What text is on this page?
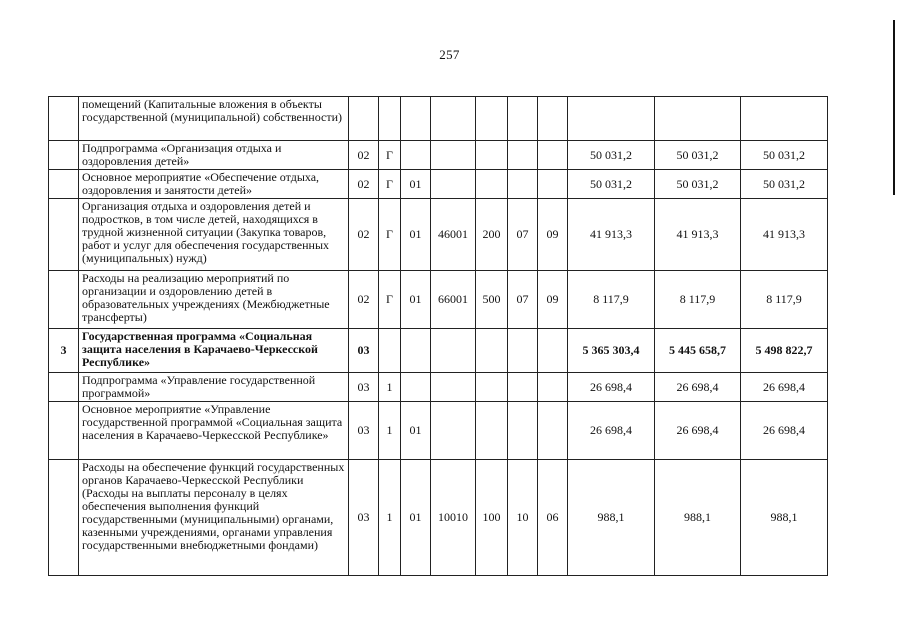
257
	помещений (Капитальные вложения в объекты государственной (муниципальной) собственности)										
	Подпрограмма «Организация отдыха и оздоровления детей»	02	Г						50 031,2	50 031,2	50 031,2
	Основное мероприятие «Обеспечение отдыха, оздоровления и занятости детей»	02	Г	01					50 031,2	50 031,2	50 031,2
	Организация отдыха и оздоровления детей и подростков, в том числе детей, находящихся в трудной жизненной ситуации (Закупка товаров, работ и услуг для обеспечения государственных (муниципальных) нужд)	02	Г	01	46001	200	07	09	41 913,3	41 913,3	41 913,3
	Расходы на реализацию мероприятий по организации и оздоровлению детей в образовательных учреждениях (Межбюджетные трансферты)	02	Г	01	66001	500	07	09	8 117,9	8 117,9	8 117,9
3	Государственная программа «Социальная защита населения в Карачаево-Черкесской Республике»	03							5 365 303,4	5 445 658,7	5 498 822,7
	Подпрограмма «Управление государственной программой»	03	1						26 698,4	26 698,4	26 698,4
	Основное мероприятие «Управление государственной программой «Социальная защита населения в Карачаево-Черкесской Республике»	03	1	01					26 698,4	26 698,4	26 698,4
	Расходы на обеспечение функций государственных органов Карачаево-Черкесской Республики (Расходы на выплаты персоналу в целях обеспечения выполнения функций государственными (муниципальными) органами, казенными учреждениями, органами управления государственными внебюджетными фондами)	03	1	01	10010	100	10	06	988,1	988,1	988,1
